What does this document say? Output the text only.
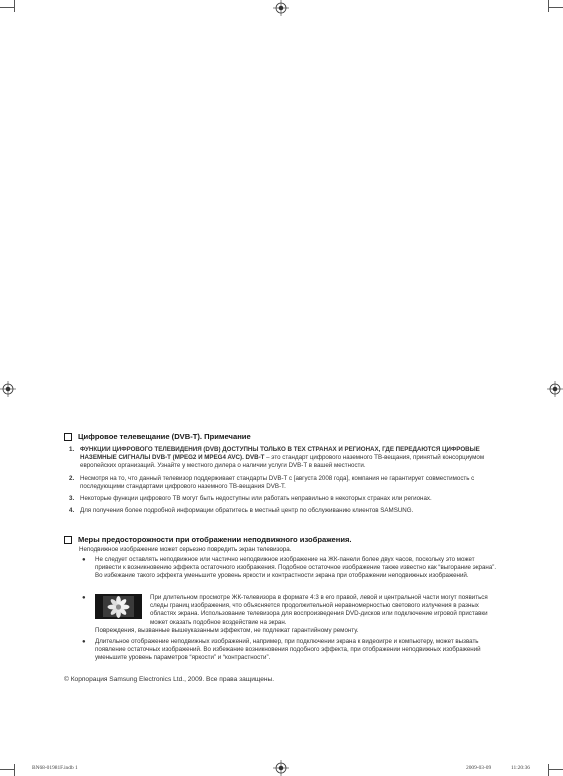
Цифровое телевещание (DVB-T). Примечание
1. ФУНКЦИИ ЦИФРОВОГО ТЕЛЕВИДЕНИЯ (DVB) ДОСТУПНЫ ТОЛЬКО В ТЕХ СТРАНАХ И РЕГИОНАХ, ГДЕ ПЕРЕДАЮТСЯ ЦИФРОВЫЕ НАЗЕМНЫЕ СИГНАЛЫ DVB-T (MPEG2 И MPEG4 AVC). DVB-T – это стандарт цифрового наземного ТВ-вещания, принятый консорциумом европейских организаций. Узнайте у местного дилера о наличии услуги DVB-T в вашей местности.
2. Несмотря на то, что данный телевизор поддерживает стандарты DVB-T с [августа 2008 года], компания не гарантирует совместимость с последующими стандартами цифрового наземного ТВ-вещания DVB-T.
3. Некоторые функции цифрового ТВ могут быть недоступны или работать неправильно в некоторых странах или регионах.
4. Для получения более подробной информации обратитесь в местный центр по обслуживанию клиентов SAMSUNG.
Меры предосторожности при отображении неподвижного изображения.
Неподвижное изображение может серьезно повредить экран телевизора.
● Не следует оставлять неподвижное или частично неподвижное изображение на ЖК-панели более двух часов, поскольку это может привести к возникновению эффекта остаточного изображения. Подобное остаточное изображение также известно как “выгорание экрана”. Во избежание такого эффекта уменьшите уровень яркости и контрастности экрана при отображении неподвижных изображений.
●	При длительном просмотре ЖК-телевизора в формате 4:3 в его правой, левой и центральной части могут появиться следы границ изображения, что объясняется продолжительной неравномерностью светового излучения в разных областях экрана. Использование телевизора для воспроизведения DVD-дисков или подключение игровой приставки может оказать подобное воздействие на экран.
Повреждения, вызванные вышеуказанным эффектом, не подлежат гарантийному ремонту.
● Длительное отображение неподвижных изображений, например, при подключении экрана к видеоигре и компьютеру, может вызвать появление остаточных изображений. Во избежание возникновения подобного эффекта, при отображении неподвижных изображений уменьшите уровень параметров “яркости” и “контрастности”.
© Корпорация Samsung Electronics Ltd., 2009. Все права защищены.
BN68-01981F.indb 1	2009-03-09	11:20:36
